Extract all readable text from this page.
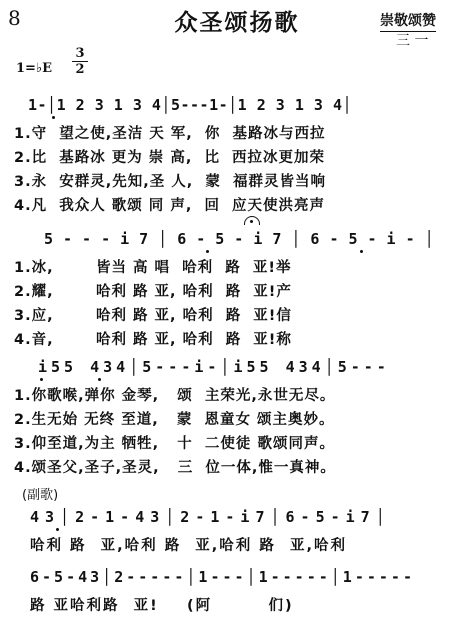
8	众圣颂扬歌	崇敬颂赞
三 一
1=♭E $\frac{3}{2}$
1-│1 2 3 1 3 4│5---1-│1 2 3 1 3 4│
1.守  望之使,圣洁 天 军,  你  基路冰与西拉
2.比  基路冰 更为 崇 高,  比  西拉冰更加荣
3.永  安群灵,先知,圣 人,  蒙  福群灵皆当响
4.凡  我众人 歌颂 同 声,  回  应天使洪亮声
5---i7│6-5-i7│6-5-i-│
1.冰,       皆当 高 唱  哈利  路  亚!举
2.耀,       哈利 路 亚, 哈利  路  亚!产
3.应,       哈利 路 亚, 哈利  路  亚!信
4.音,       哈利 路 亚, 哈利  路  亚!称
i55 434│5---i-│i55 434│5---
1.你歌喉,弹你 金琴,   颂  主荣光,永世无尽。
2.生无始 无终 至道,   蒙  恩童女 颂主奥妙。
3.仰至道,为主 牺牲,   十  二使徒 歌颂同声。
4.颂圣父,圣子,圣灵,   三  位一体,惟一真神。
(副歌)
43│2-1-43│2-1-i7│6-5-i7│
哈利 路  亚,哈利 路  亚,哈利 路  亚,哈利
6-5-43│2-----│1---│1-----│1-----
路 亚哈利路  亚!    (阿        们)
